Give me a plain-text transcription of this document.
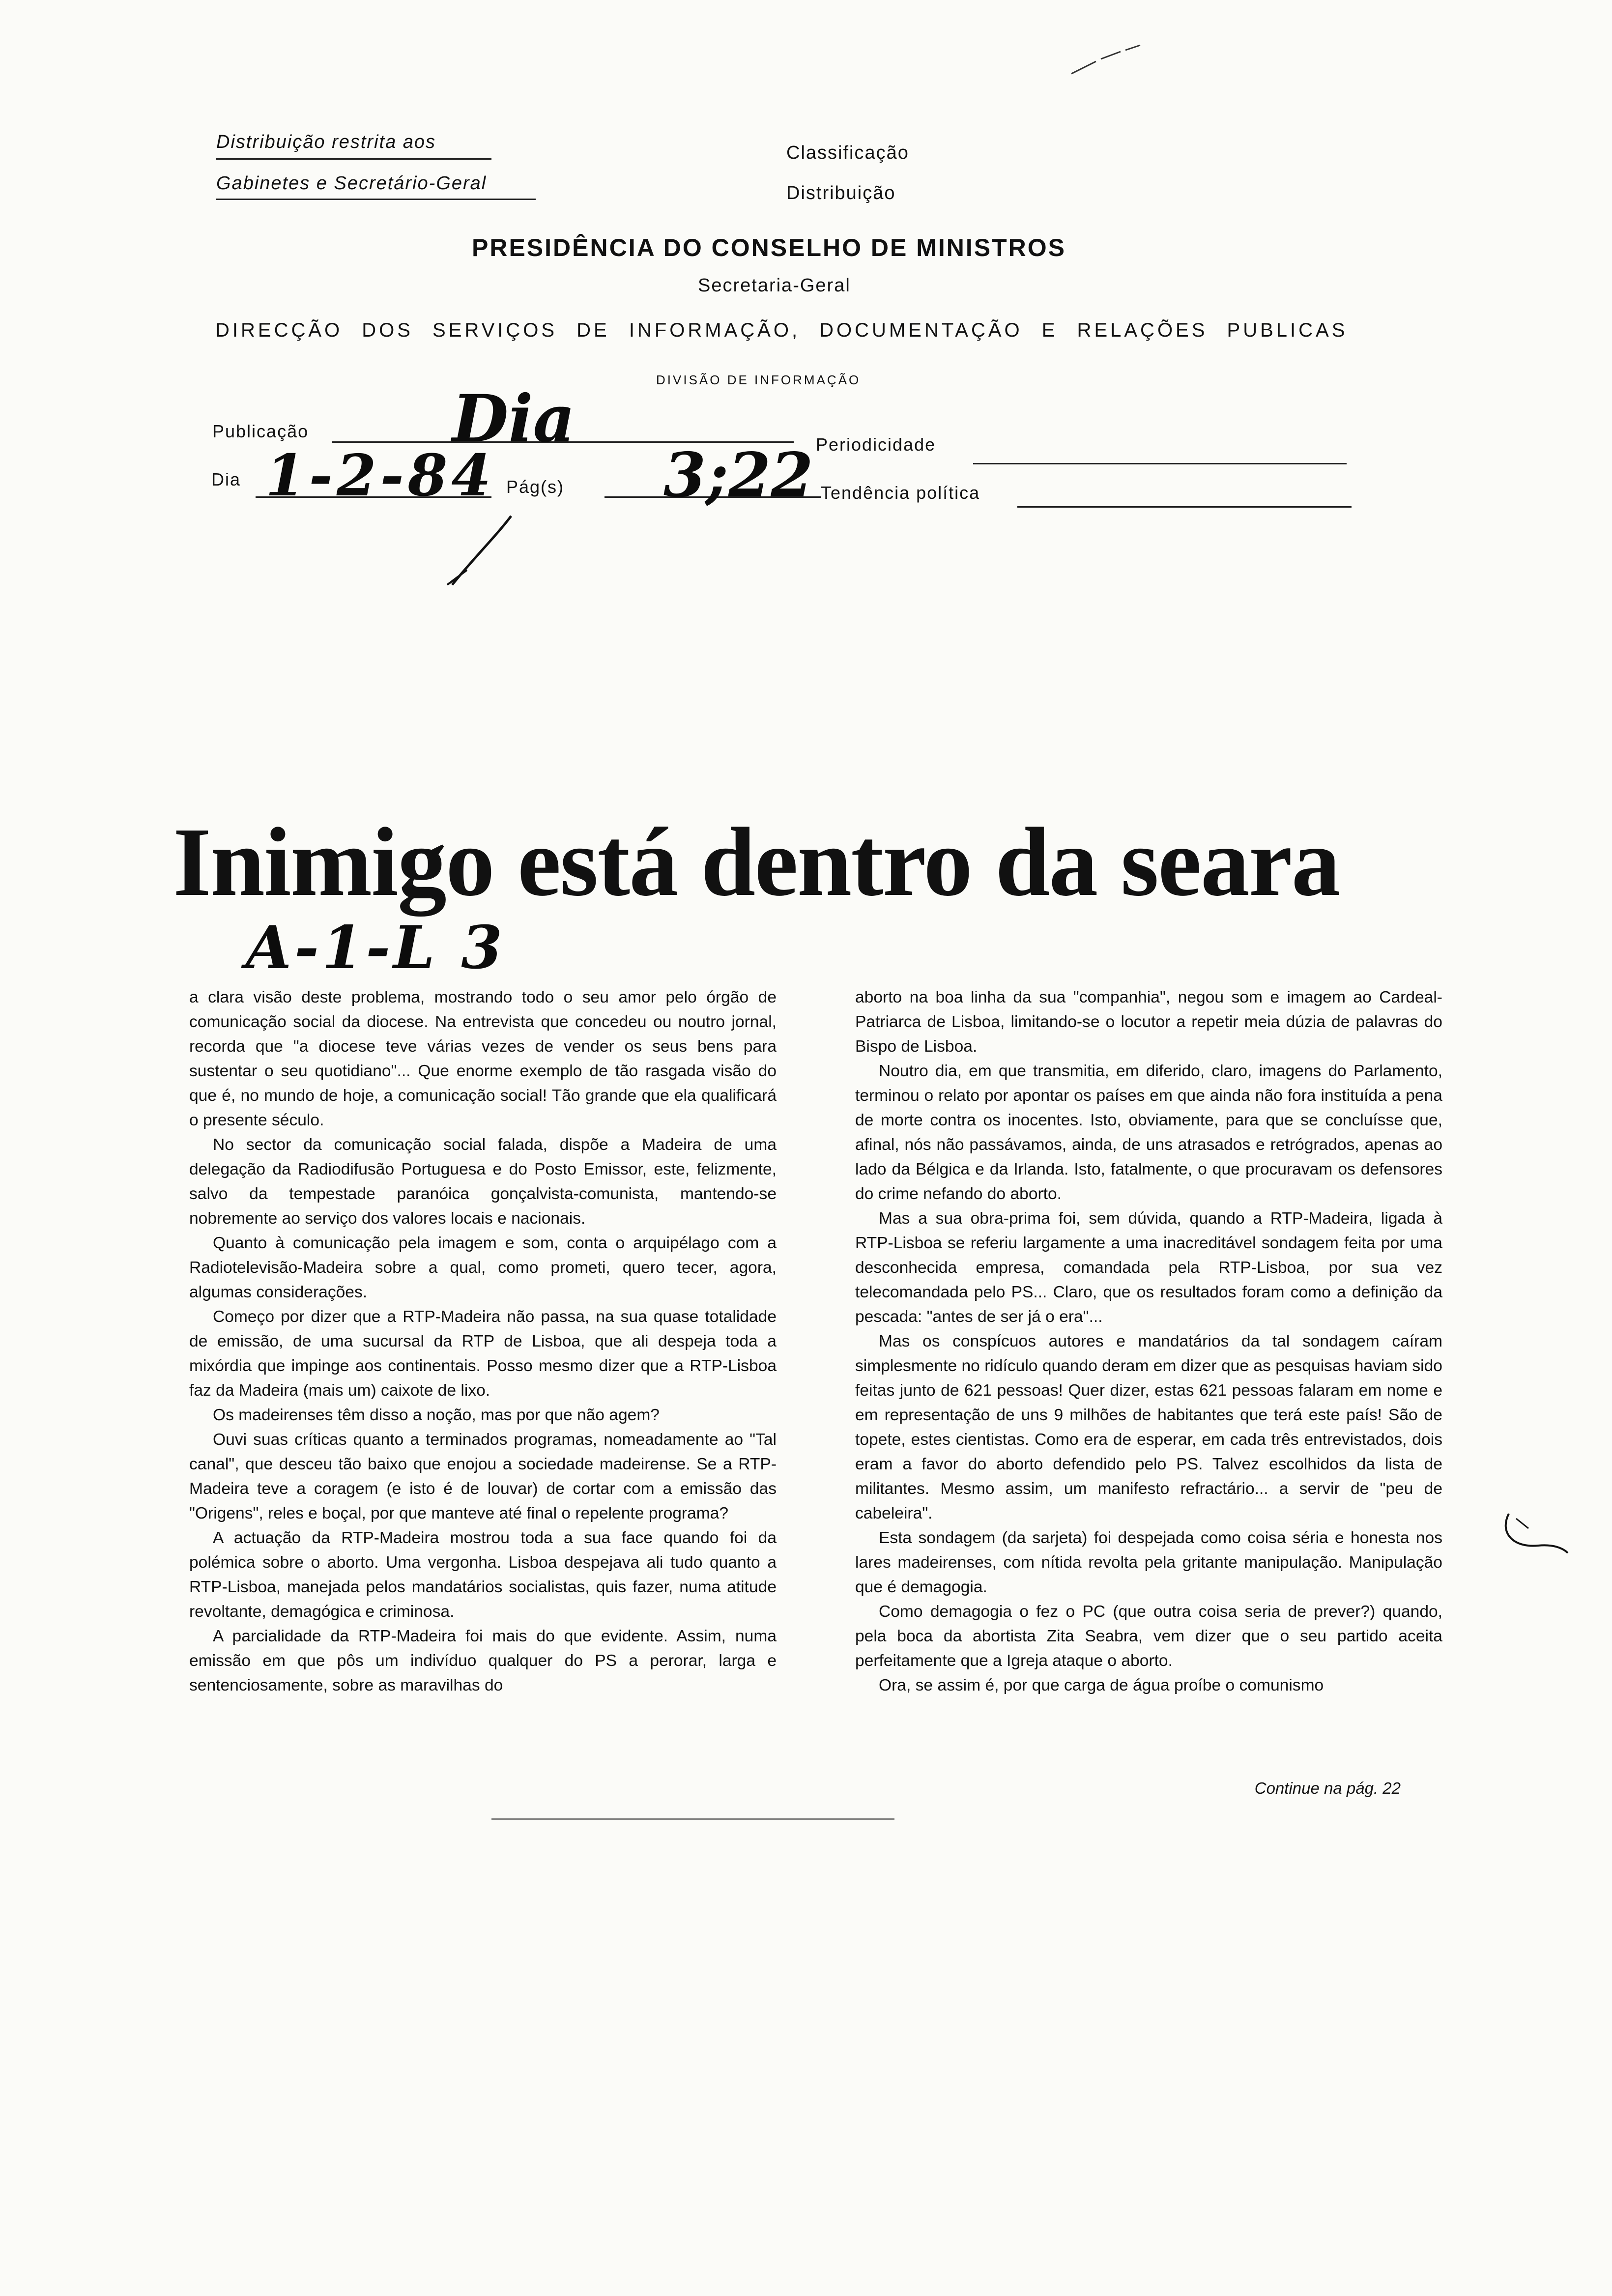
Distribuição restrita aos
Gabinetes e Secretário-Geral
Classificação
Distribuição
PRESIDÊNCIA DO CONSELHO DE MINISTROS
Secretaria-Geral
DIRECÇÃO DOS SERVIÇOS DE INFORMAÇÃO, DOCUMENTAÇÃO E RELAÇÕES PUBLICAS
DIVISÃO DE INFORMAÇÃO
Publicação Dia	Periodicidade
Dia 1-2-84 Pág(s) 3;22 Tendência política
Inimigo está dentro da seara
A-1-L 3

a clara visão deste problema, mostrando todo o seu amor pelo órgão de comunicação social da diocese. Na entrevista que concedeu ou noutro jornal, recorda que "a diocese teve várias vezes de vender os seus bens para sustentar o seu quotidiano"... Que enorme exemplo de tão rasgada visão do que é, no mundo de hoje, a comunicação social! Tão grande que ela qualificará o presente século.

No sector da comunicação social falada, dispõe a Madeira de uma delegação da Radiodifusão Portuguesa e do Posto Emissor, este, felizmente, salvo da tempestade paranóica gonçalvista-comunista, mantendo-se nobremente ao serviço dos valores locais e nacionais.

Quanto à comunicação pela imagem e som, conta o arquipélago com a Radiotelevisão-Madeira sobre a qual, como prometi, quero tecer, agora, algumas considerações.

Começo por dizer que a RTP-Madeira não passa, na sua quase totalidade de emissão, de uma sucursal da RTP de Lisboa, que ali despeja toda a mixórdia que impinge aos continentais. Posso mesmo dizer que a RTP-Lisboa faz da Madeira (mais um) caixote de lixo.

Os madeirenses têm disso a noção, mas por que não agem?

Ouvi suas críticas quanto a terminados programas, nomeadamente ao "Tal canal", que desceu tão baixo que enojou a sociedade madeirense. Se a RTP-Madeira teve a coragem (e isto é de louvar) de cortar com a emissão das "Origens", reles e boçal, por que manteve até final o repelente programa?

A actuação da RTP-Madeira mostrou toda a sua face quando foi da polémica sobre o aborto. Uma vergonha. Lisboa despejava ali tudo quanto a RTP-Lisboa, manejada pelos mandatários socialistas, quis fazer, numa atitude revoltante, demagógica e criminosa.

A parcialidade da RTP-Madeira foi mais do que evidente. Assim, numa emissão em que pôs um indivíduo qualquer do PS a perorar, larga e sentenciosamente, sobre as maravilhas do

aborto na boa linha da sua "companhia", negou som e imagem ao Cardeal-Patriarca de Lisboa, limitando-se o locutor a repetir meia dúzia de palavras do Bispo de Lisboa.

Noutro dia, em que transmitia, em diferido, claro, imagens do Parlamento, terminou o relato por apontar os países em que ainda não fora instituída a pena de morte contra os inocentes. Isto, obviamente, para que se concluísse que, afinal, nós não passávamos, ainda, de uns atrasados e retrógrados, apenas ao lado da Bélgica e da Irlanda. Isto, fatalmente, o que procuravam os defensores do crime nefando do aborto.

Mas a sua obra-prima foi, sem dúvida, quando a RTP-Madeira, ligada à RTP-Lisboa se referiu largamente a uma inacreditável sondagem feita por uma desconhecida empresa, comandada pela RTP-Lisboa, por sua vez telecomandada pelo PS... Claro, que os resultados foram como a definição da pescada: "antes de ser já o era"...

Mas os conspícuos autores e mandatários da tal sondagem caíram simplesmente no ridículo quando deram em dizer que as pesquisas haviam sido feitas junto de 621 pessoas! Quer dizer, estas 621 pessoas falaram em nome e em representação de uns 9 milhões de habitantes que terá este país! São de topete, estes cientistas. Como era de esperar, em cada três entrevistados, dois eram a favor do aborto defendido pelo PS. Talvez escolhidos da lista de militantes. Mesmo assim, um manifesto refractário... a servir de "peu de cabeleira".

Esta sondagem (da sarjeta) foi despejada como coisa séria e honesta nos lares madeirenses, com nítida revolta pela gritante manipulação. Manipulação que é demagogia.

Como demagogia o fez o PC (que outra coisa seria de prever?) quando, pela boca da abortista Zita Seabra, vem dizer que o seu partido aceita perfeitamente que a Igreja ataque o aborto.

Ora, se assim é, por que carga de água proíbe o comunismo

Continue na pág. 22
